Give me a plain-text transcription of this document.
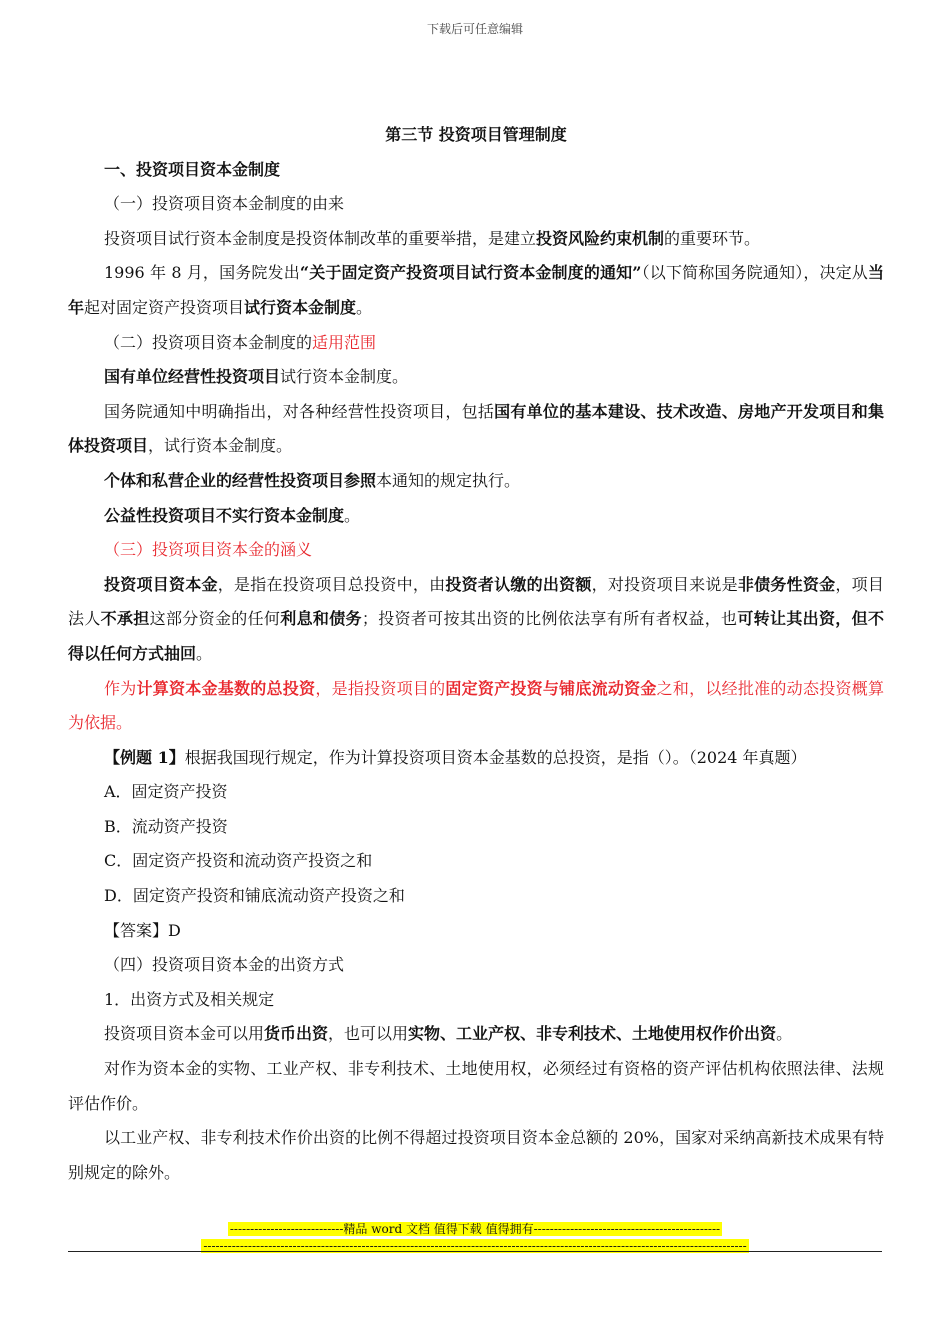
下载后可任意编辑

第三节 投资项目管理制度

一、投资项目资本金制度

（一）投资项目资本金制度的由来

投资项目试行资本金制度是投资体制改革的重要举措，是建立投资风险约束机制的重要环节。

1996 年 8 月，国务院发出“关于固定资产投资项目试行资本金制度的通知”（以下简称国务院通知），决定从当年起对固定资产投资项目试行资本金制度。

（二）投资项目资本金制度的适用范围

国有单位经营性投资项目试行资本金制度。

国务院通知中明确指出，对各种经营性投资项目，包括国有单位的基本建设、技术改造、房地产开发项目和集体投资项目，试行资本金制度。

个体和私营企业的经营性投资项目参照本通知的规定执行。

公益性投资项目不实行资本金制度。

（三）投资项目资本金的涵义

投资项目资本金，是指在投资项目总投资中，由投资者认缴的出资额，对投资项目来说是非债务性资金，项目法人不承担这部分资金的任何利息和债务；投资者可按其出资的比例依法享有所有者权益，也可转让其出资，但不得以任何方式抽回。

作为计算资本金基数的总投资，是指投资项目的固定资产投资与铺底流动资金之和，以经批准的动态投资概算为依据。

【例题 1】根据我国现行规定，作为计算投资项目资本金基数的总投资，是指（）。（2024 年真题）

A．固定资产投资

B．流动资产投资

C．固定资产投资和流动资产投资之和

D．固定资产投资和铺底流动资产投资之和

【答案】D

（四）投资项目资本金的出资方式

1．出资方式及相关规定

投资项目资本金可以用货币出资，也可以用实物、工业产权、非专利技术、土地使用权作价出资。

对作为资本金的实物、工业产权、非专利技术、土地使用权，必须经过有资格的资产评估机构依照法律、法规评估作价。

以工业产权、非专利技术作价出资的比例不得超过投资项目资本金总额的 20%，国家对采纳高新技术成果有特别规定的除外。

----------------------------精品 word 文档 值得下载 值得拥有----------------------------------------------
--------------------------------------------------------------------------------------------------------------------------------------
